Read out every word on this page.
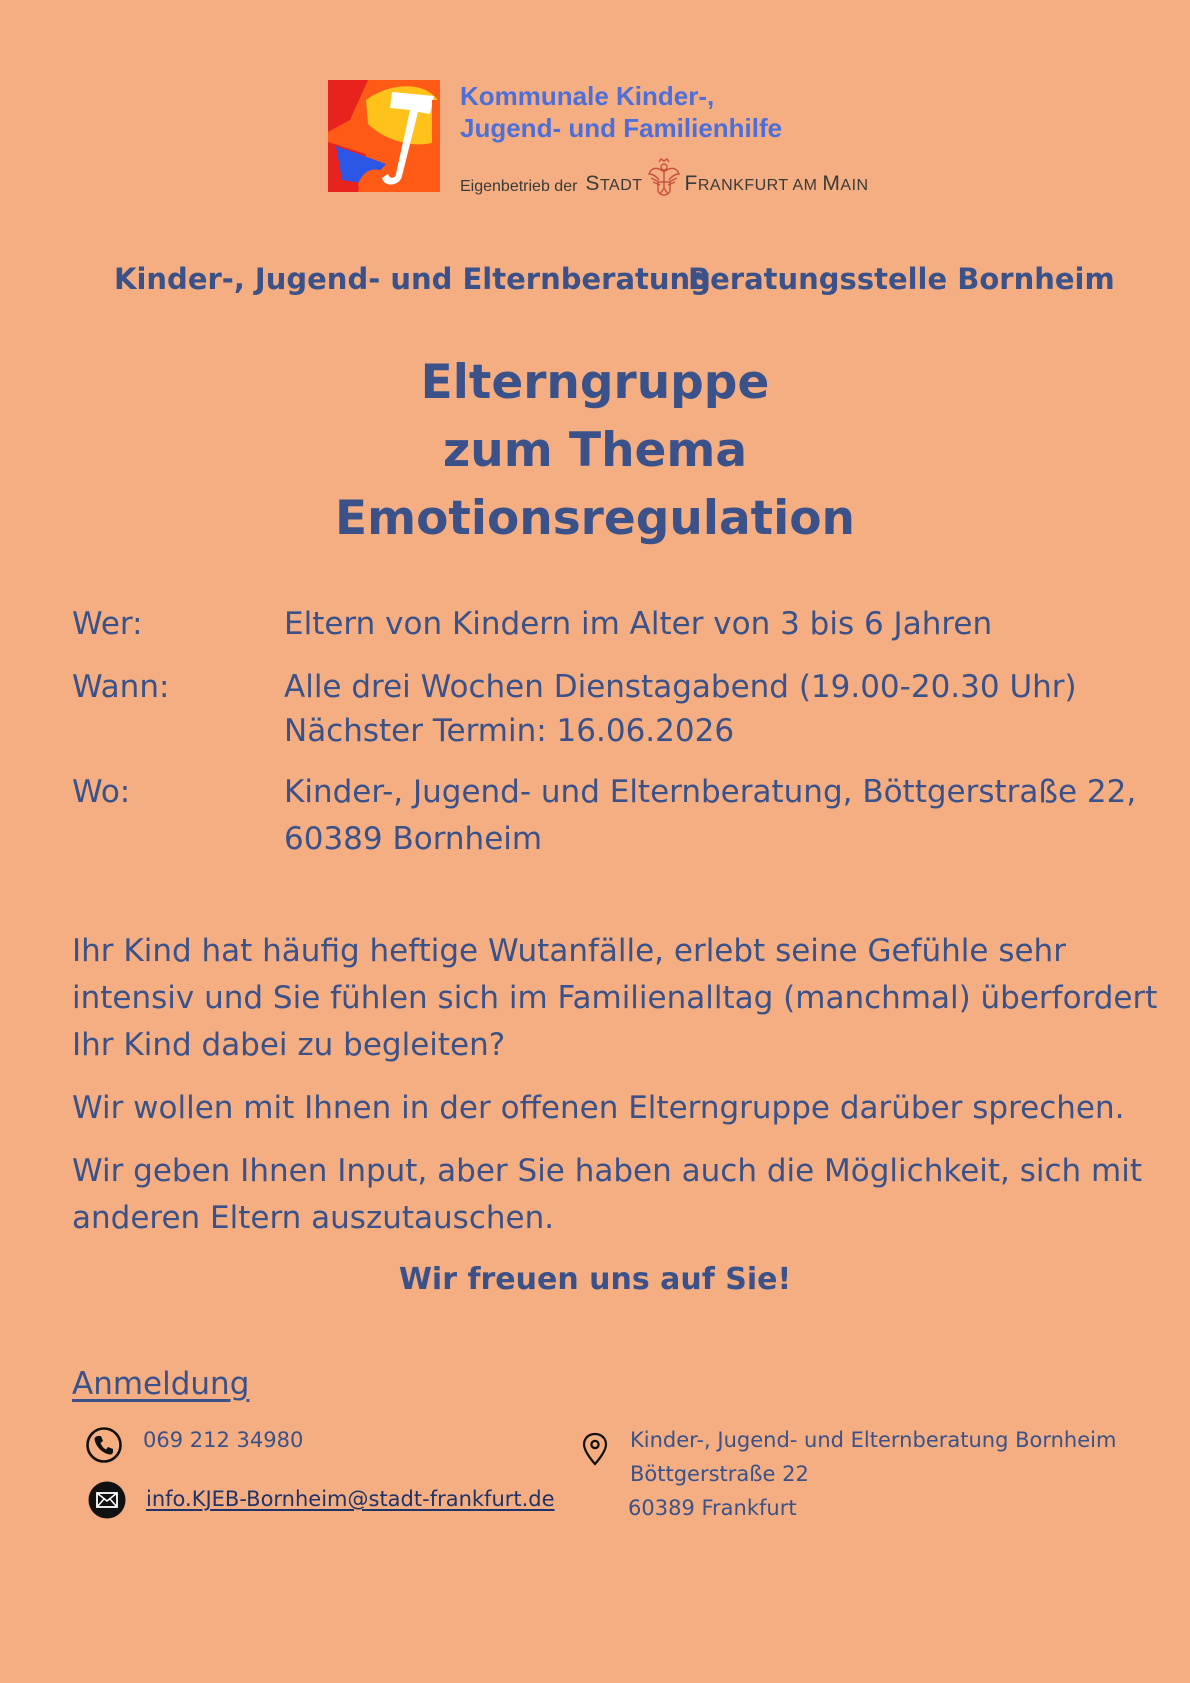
Kommunale Kinder-,
Jugend- und Familienhilfe
Eigenbetrieb der STADT FRANKFURT AM MAIN
Kinder-, Jugend- und Elternberatung
Beratungsstelle Bornheim
Elterngruppe
zum Thema
Emotionsregulation
Wer:	Eltern von Kindern im Alter von 3 bis 6 Jahren
Wann:	Alle drei Wochen Dienstagabend (19.00-20.30 Uhr)
Nächster Termin: 16.06.2026
Wo:	Kinder-, Jugend- und Elternberatung, Böttgerstraße 22,
60389 Bornheim
Ihr Kind hat häufig heftige Wutanfälle, erlebt seine Gefühle sehr
intensiv und Sie fühlen sich im Familienalltag (manchmal) überfordert
Ihr Kind dabei zu begleiten?
Wir wollen mit Ihnen in der offenen Elterngruppe darüber sprechen.
Wir geben Ihnen Input, aber Sie haben auch die Möglichkeit, sich mit
anderen Eltern auszutauschen.
Wir freuen uns auf Sie!
Anmeldung
069 212 34980
info.KJEB-Bornheim@stadt-frankfurt.de
Kinder-, Jugend- und Elternberatung Bornheim
Böttgerstraße 22
60389 Frankfurt
